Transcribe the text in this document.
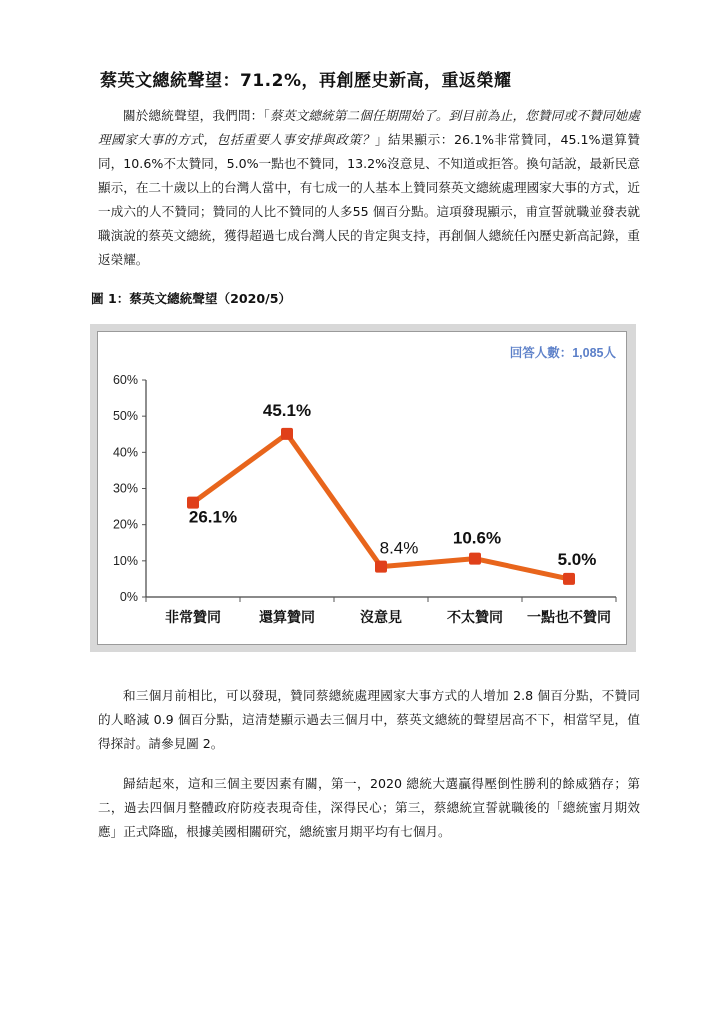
蔡英文總統聲望：71.2%，再創歷史新高，重返榮耀
關於總統聲望，我們問：「蔡英文總統第二個任期開始了。到目前為止，您贊同或不贊同她處理國家大事的方式，包括重要人事安排與政策？」結果顯示：26.1%非常贊同，45.1%還算贊同，10.6%不太贊同，5.0%一點也不贊同，13.2%沒意見、不知道或拒答。換句話說，最新民意顯示，在二十歲以上的台灣人當中，有七成一的人基本上贊同蔡英文總統處理國家大事的方式，近一成六的人不贊同；贊同的人比不贊同的人多55 個百分點。這項發現顯示，甫宣誓就職並發表就職演說的蔡英文總統，獲得超過七成台灣人民的肯定與支持，再創個人總統任內歷史新高記錄，重返榮耀。
圖 1：蔡英文總統聲望（2020/5）
回答人數：1,085人
0%
10%
20%
30%
40%
50%
60%
非常贊同	還算贊同	沒意見	不太贊同 一點也不贊同
26.1%
45.1%
8.4%
10.6%
5.0%
和三個月前相比，可以發現，贊同蔡總統處理國家大事方式的人增加 2.8 個百分點，不贊同的人略減 0.9 個百分點，這清楚顯示過去三個月中，蔡英文總統的聲望居高不下，相當罕見，值得探討。請參見圖 2。
歸結起來，這和三個主要因素有關，第一，2020 總統大選贏得壓倒性勝利的餘威猶存；第二，過去四個月整體政府防疫表現奇佳，深得民心；第三，蔡總統宣誓就職後的「總統蜜月期效應」正式降臨，根據美國相關研究，總統蜜月期平均有七個月。
